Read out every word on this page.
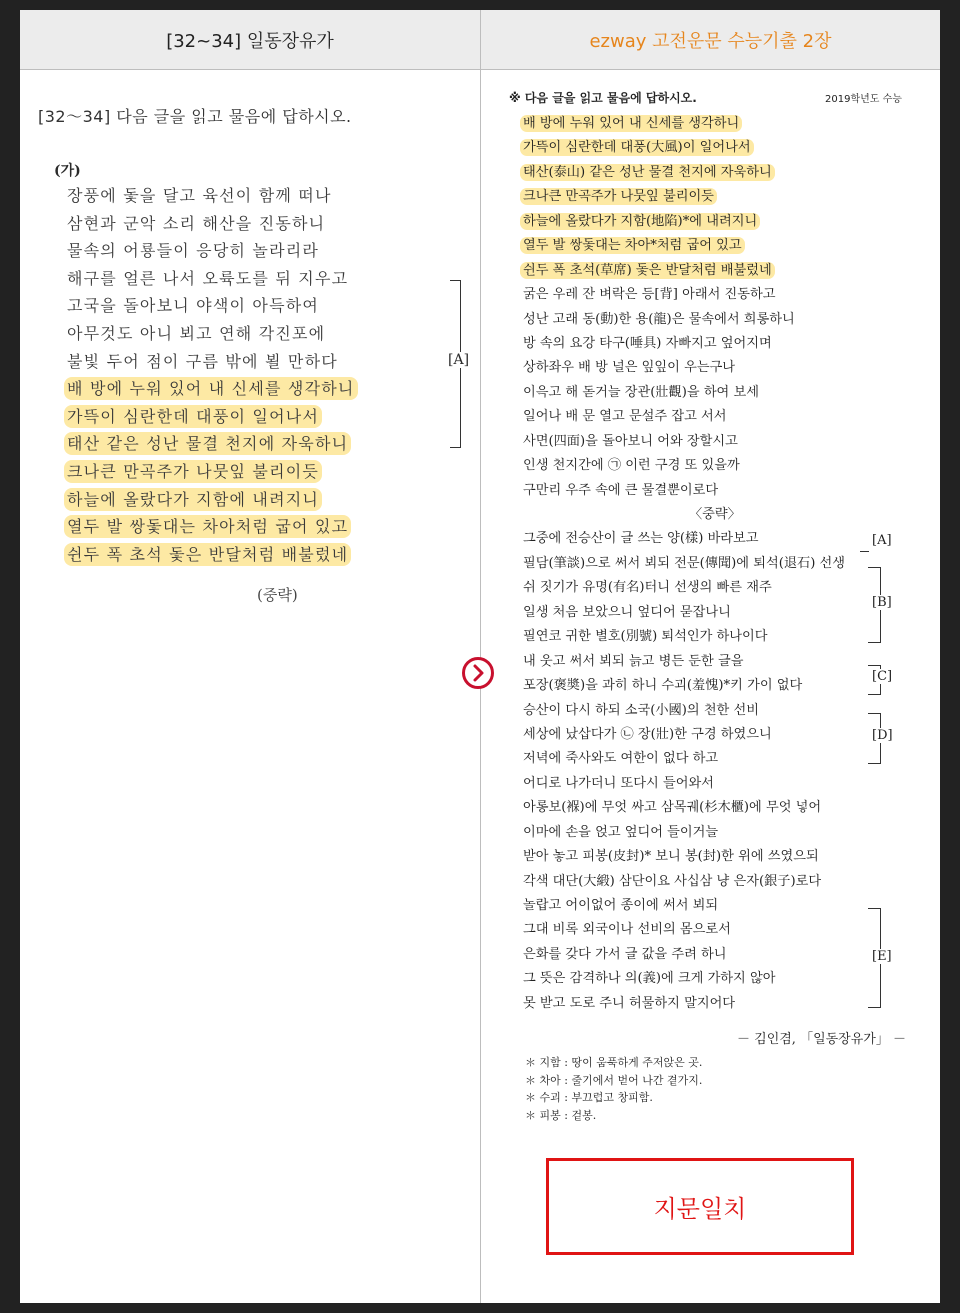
[32~34] 일동장유가	ezway 고전운문 수능기출 2장
[32～34] 다음 글을 읽고 물음에 답하시오.
(가)
장풍에 돛을 달고 육선이 함께 떠나
삼현과 군악 소리 해산을 진동하니
물속의 어룡들이 응당히 놀라리라
해구를 얼른 나서 오륙도를 뒤 지우고
고국을 돌아보니 야색이 아득하여
아무것도 아니 뵈고 연해 각진포에
불빛 두어 점이 구름 밖에 뵐 만하다
배 방에 누워 있어 내 신세를 생각하니
가뜩이 심란한데 대풍이 일어나서
태산 같은 성난 물결 천지에 자욱하니
크나큰 만곡주가 나뭇잎 불리이듯
하늘에 올랐다가 지함에 내려지니
열두 발 쌍돛대는 차아처럼 굽어 있고
쉰두 폭 초석 돛은 반달처럼 배불렀네
(중략)
[A]
※ 다음 글을 읽고 물음에 답하시오.	2019학년도 수능
배 방에 누워 있어 내 신세를 생각하니
가뜩이 심란한데 대풍(大風)이 일어나서
태산(泰山) 같은 성난 물결 천지에 자욱하니
크나큰 만곡주가 나뭇잎 불리이듯
하늘에 올랐다가 지함(地陷)*에 내려지니
열두 발 쌍돛대는 차아*처럼 굽어 있고
쉰두 폭 초석(草席) 돛은 반달처럼 배불렀네
굵은 우레 잔 벼락은 등[背] 아래서 진동하고
성난 고래 동(動)한 용(龍)은 물속에서 희롱하니
방 속의 요강 타구(唾具) 자빠지고 엎어지며
상하좌우 배 방 널은 잎잎이 우는구나
이윽고 해 돋거늘 장관(壯觀)을 하여 보세
일어나 배 문 열고 문설주 잡고 서서
사면(四面)을 돌아보니 어와 장할시고
인생 천지간에 ㉠ 이런 구경 또 있을까
구만리 우주 속에 큰 물결뿐이로다
〈중략〉
그중에 전승산이 글 쓰는 양(樣) 바라보고
필담(筆談)으로 써서 뵈되 전문(傳聞)에 퇴석(退石) 선생
쉬 짓기가 유명(有名)터니 선생의 빠른 재주
일생 처음 보았으니 엎디어 묻잡나니
필연코 귀한 별호(別號) 퇴석인가 하나이다
내 웃고 써서 뵈되 늙고 병든 둔한 글을
포장(褒奬)을 과히 하니 수괴(羞愧)*키 가이 없다
승산이 다시 하되 소국(小國)의 천한 선비
세상에 났삽다가 ㉡ 장(壯)한 구경 하였으니
저녁에 죽사와도 여한이 없다 하고
어디로 나가더니 또다시 들어와서
아롱보(褓)에 무엇 싸고 삼목궤(杉木櫃)에 무엇 넣어
이마에 손을 얹고 엎디어 들이거늘
받아 놓고 피봉(皮封)* 보니 봉(封)한 위에 쓰였으되
각색 대단(大緞) 삼단이요 사십삼 냥 은자(銀子)로다
놀랍고 어이없어 종이에 써서 뵈되
그대 비록 외국이나 선비의 몸으로서
은화를 갖다 가서 글 값을 주려 하니
그 뜻은 감격하나 의(義)에 크게 가하지 않아
못 받고 도로 주니 허물하지 말지어다
[A]
[B]
[C]
[D]
[E]
－ 김인겸, 「일동장유가」 －
＊ 지함 : 땅이 움푹하게 주저앉은 곳.
＊ 차아 : 줄기에서 벋어 나간 곁가지.
＊ 수괴 : 부끄럽고 창피함.
＊ 피봉 : 겉봉.
지문일치
